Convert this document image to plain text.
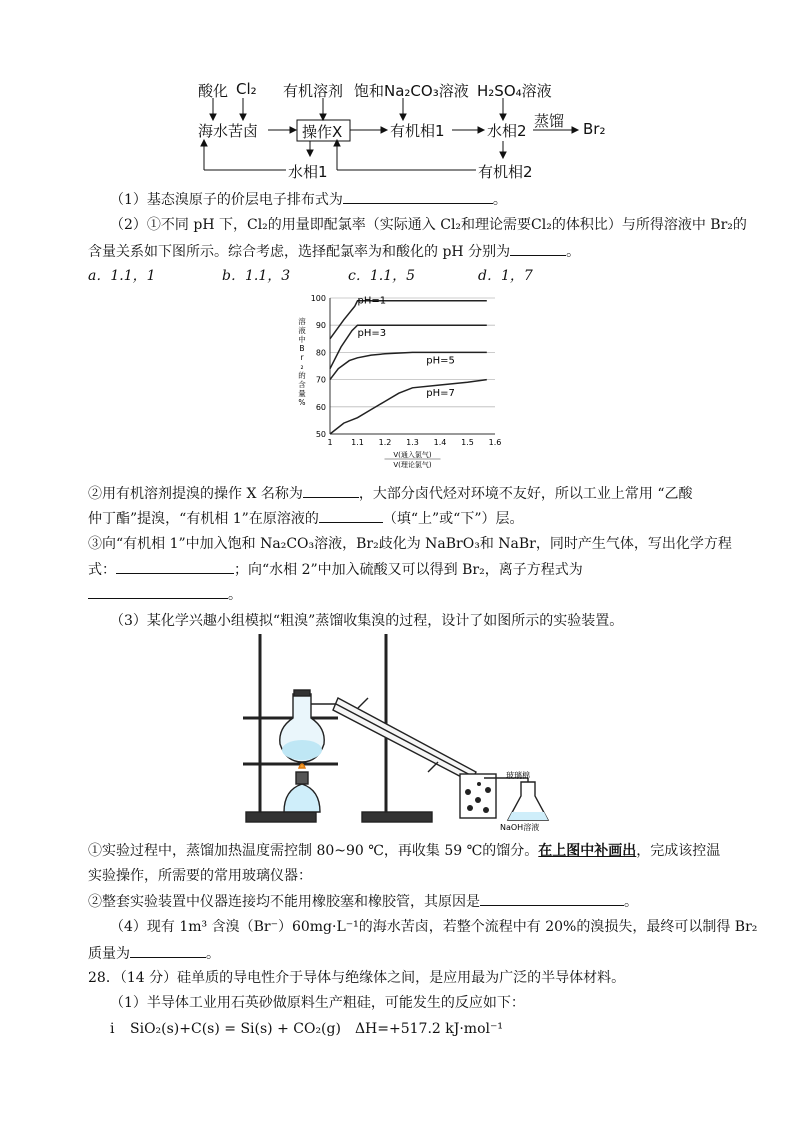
酸化 Cl₂ 有机溶剂 饱和Na₂CO₃溶液 H₂SO₄溶液
海水苦卤	操作X	有机相1	水相2
蒸馏 Br₂
水相1	有机相2
（1）基态溴原子的价层电子排布式为	。
（2）①不同 pH 下，Cl₂的用量即配氯率（实际通入 Cl₂和理论需要Cl₂的体积比）与所得溶液中 Br₂的
含量关系如下图所示。综合考虑，选择配氯率为和酸化的 pH 分别为	。
a．1.1，1	b．1.1，3	c．1.1，5	d．1，7
50
60
70
80
90
100
1 1.1 1.2 1.3 1.4 1.5 1.6
V(通入氯气)
V(理论氯气)
溶
液
中
B
r
₂
的
含
量
%
pH=1
pH=3
pH=5
pH=7
②用有机溶剂提溴的操作 X 名称为	，大部分卤代烃对环境不友好，所以工业上常用 “乙酸
仲丁酯”提溴，“有机相 1”在原溶液的	（填“上”或“下”）层。
③向“有机相 1”中加入饱和 Na₂CO₃溶液，Br₂歧化为 NaBrO₃和 NaBr，同时产生气体，写出化学方程
式：	；向“水相 2”中加入硫酸又可以得到 Br₂，离子方程式为
。
（3）某化学兴趣小组模拟“粗溴”蒸馏收集溴的过程，设计了如图所示的实验装置。
玻璃棉
NaOH溶液
①实验过程中，蒸馏加热温度需控制 80~90 ℃，再收集 59 ℃的馏分。在上图中补画出，完成该控温
实验操作，所需要的常用玻璃仪器：
②整套实验装置中仪器连接均不能用橡胶塞和橡胶管，其原因是	。
（4）现有 1m³ 含溴（Br⁻）60mg·L⁻¹的海水苦卤，若整个流程中有 20%的溴损失，最终可以制得 Br₂
质量为	。
28．（14 分）硅单质的导电性介于导体与绝缘体之间，是应用最为广泛的半导体材料。
（1）半导体工业用石英砂做原料生产粗硅，可能发生的反应如下：
i SiO₂(s)+C(s) = Si(s) + CO₂(g)　ΔH=+517.2 kJ·mol⁻¹
